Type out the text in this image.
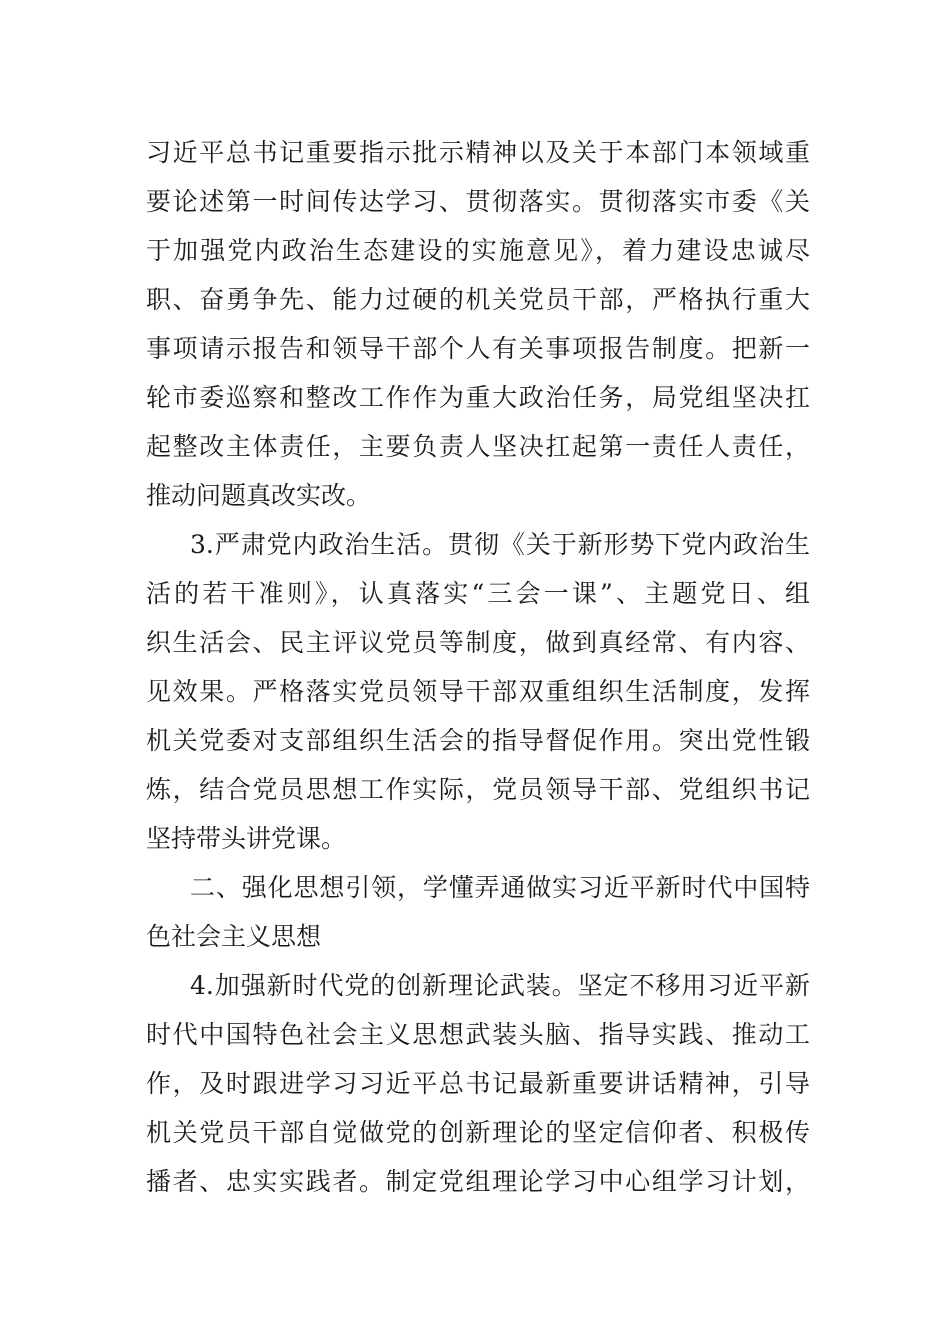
习近平总书记重要指示批示精神以及关于本部门本领域重
要论述第一时间传达学习、贯彻落实。贯彻落实市委《关
于加强党内政治生态建设的实施意见》，着力建设忠诚尽
职、奋勇争先、能力过硬的机关党员干部，严格执行重大
事项请示报告和领导干部个人有关事项报告制度。把新一
轮市委巡察和整改工作作为重大政治任务，局党组坚决扛
起整改主体责任，主要负责人坚决扛起第一责任人责任，
推动问题真改实改。
3.严肃党内政治生活。贯彻《关于新形势下党内政治生
活的若干准则》，认真落实“三会一课”、主题党日、组
织生活会、民主评议党员等制度，做到真经常、有内容、
见效果。严格落实党员领导干部双重组织生活制度，发挥
机关党委对支部组织生活会的指导督促作用。突出党性锻
炼，结合党员思想工作实际，党员领导干部、党组织书记
坚持带头讲党课。
二、强化思想引领，学懂弄通做实习近平新时代中国特
色社会主义思想
4.加强新时代党的创新理论武装。坚定不移用习近平新
时代中国特色社会主义思想武装头脑、指导实践、推动工
作，及时跟进学习习近平总书记最新重要讲话精神，引导
机关党员干部自觉做党的创新理论的坚定信仰者、积极传
播者、忠实实践者。制定党组理论学习中心组学习计划，
